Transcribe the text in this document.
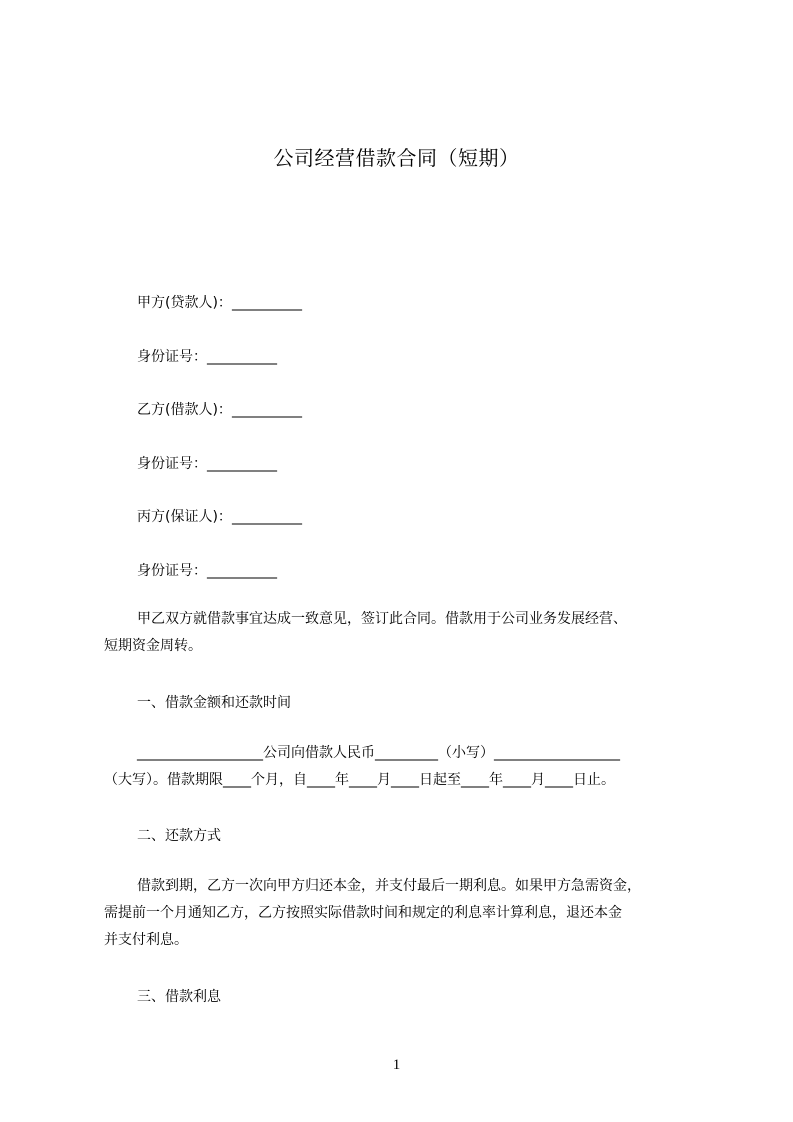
公司经营借款合同（短期）
甲方(贷款人)：__________
身份证号：__________
乙方(借款人)：__________
身份证号：__________
丙方(保证人)：__________
身份证号：__________
甲乙双方就借款事宜达成一致意见，签订此合同。借款用于公司业务发展经营、
短期资金周转。
一、借款金额和还款时间
__________________公司向借款人民币_________（小写）__________________
（大写）。借款期限____个月，自____年____月____日起至____年____月____日止。
二、还款方式
借款到期，乙方一次向甲方归还本金，并支付最后一期利息。如果甲方急需资金，
需提前一个月通知乙方，乙方按照实际借款时间和规定的利息率计算利息，退还本金
并支付利息。
三、借款利息
1
